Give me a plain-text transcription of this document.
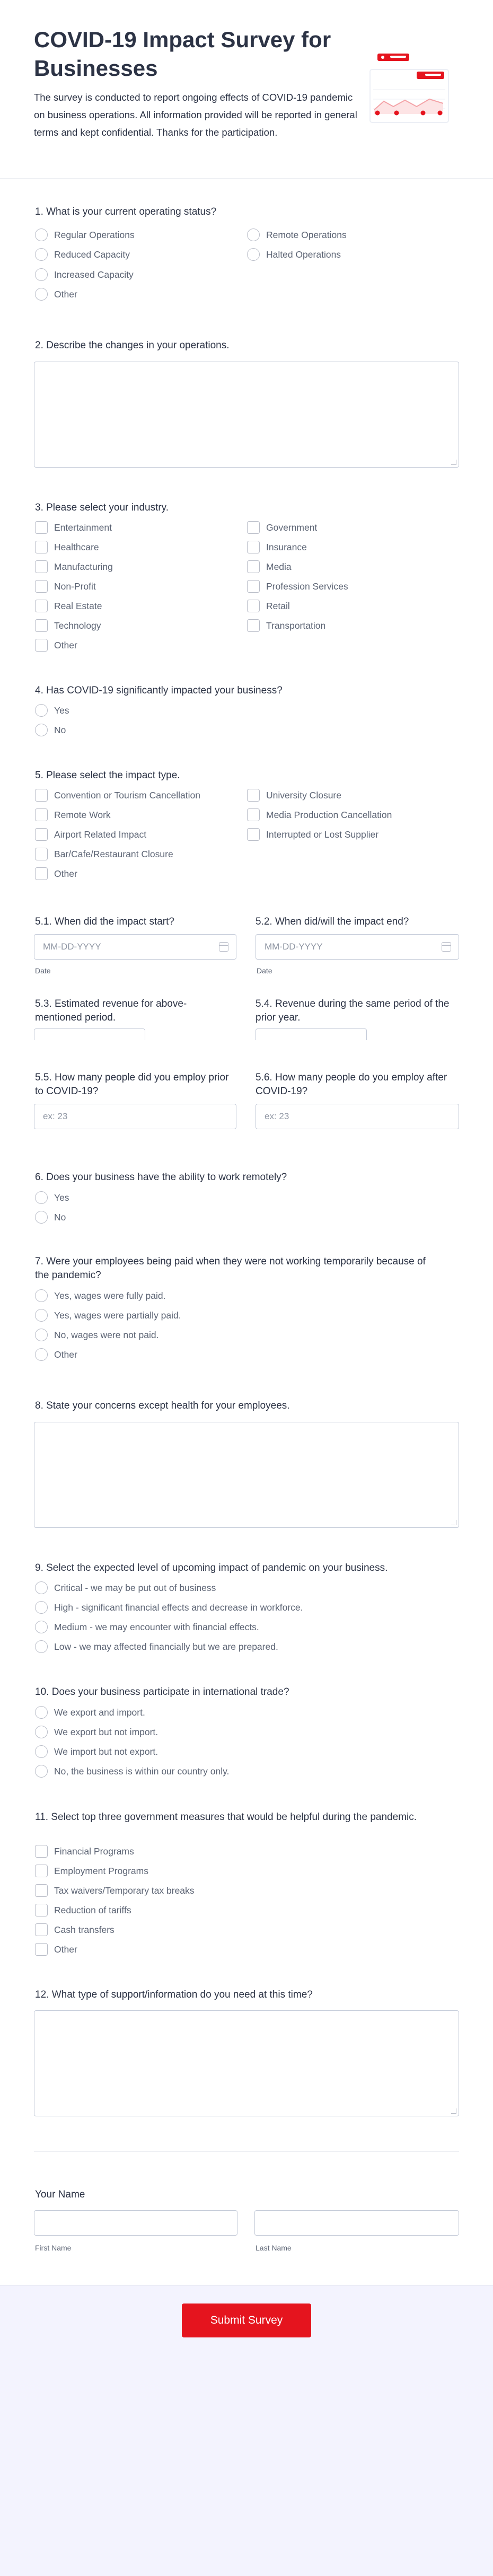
COVID-19 Impact Survey for Businesses

The survey is conducted to report ongoing effects of COVID-19 pandemic on business operations. All information provided will be reported in general terms and kept confidential. Thanks for the participation.

1. What is your current operating status?
Regular Operations	Remote Operations
Reduced Capacity	Halted Operations
Increased Capacity
Other
2. Describe the changes in your operations.
3. Please select your industry.
Entertainment	Government
Healthcare	Insurance
Manufacturing	Media
Non-Profit	Profession Services
Real Estate	Retail
Technology	Transportation
Other
4. Has COVID-19 significantly impacted your business?
Yes
No
5. Please select the impact type.
Convention or Tourism Cancellation	University Closure
Remote Work	Media Production Cancellation
Airport Related Impact	Interrupted or Lost Supplier
Bar/Cafe/Restaurant Closure
Other
5.1. When did the impact start?	5.2. When did/will the impact end?
MM-DD-YYYY	MM-DD-YYYY
Date	Date
5.3. Estimated revenue for above-mentioned period.
5.4. Revenue during the same period of the prior year.
5.5. How many people did you employ prior to COVID-19?
5.6. How many people do you employ after COVID-19?
ex: 23	ex: 23
6. Does your business have the ability to work remotely?
Yes
No
7. Were your employees being paid when they were not working temporarily because of the pandemic?
Yes, wages were fully paid.
Yes, wages were partially paid.
No, wages were not paid.
Other
8. State your concerns except health for your employees.
9. Select the expected level of upcoming impact of pandemic on your business.
Critical - we may be put out of business
High - significant financial effects and decrease in workforce.
Medium - we may encounter with financial effects.
Low - we may affected financially but we are prepared.
10. Does your business participate in international trade?
We export and import.
We export but not import.
We import but not export.
No, the business is within our country only.
11. Select top three government measures that would be helpful during the pandemic.
Financial Programs
Employment Programs
Tax waivers/Temporary tax breaks
Reduction of tariffs
Cash transfers
Other
12. What type of support/information do you need at this time?
Your Name
First Name	Last Name
Submit Survey
